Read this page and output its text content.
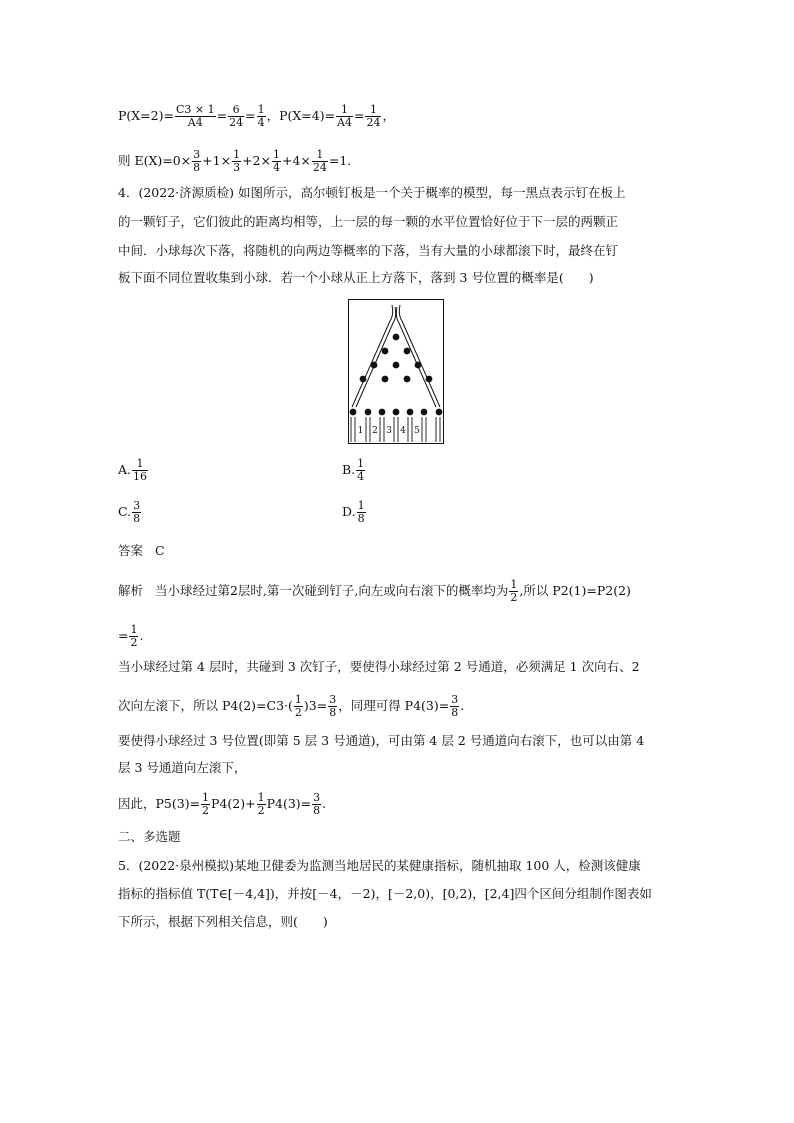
$P(X=2)= \frac{C3 \times 1}{A4} = \frac{6}{24} = \frac{1}{4}$ ，$P(X=4)= \frac{1}{A4} = \frac{1}{24}$ ，
则 $E(X)=0\times \frac{3}{8} +1\times \frac{1}{3} +2\times \frac{1}{4} +4\times \frac{1}{24} =1$.
4．(2022·济源质检) 如图所示，高尔顿钉板是一个关于概率的模型，每一黑点表示钉在板上
的一颗钉子，它们彼此的距离均相等，上一层的每一颗的水平位置恰好位于下一层的两颗正
中间．小球每次下落，将随机的向两边等概率的下落，当有大量的小球都滚下时，最终在钉
板下面不同位置收集到小球．若一个小球从正上方落下，落到 3 号位置的概率是(　　)
1 2 3 4 5
A. $\frac{1}{16}$	B. $\frac{1}{4}$
C. $\frac{3}{8}$	D. $\frac{1}{8}$
答案 C
解析 当小球经过第2层时,第一次碰到钉子,向左或向右滚下的概率均为 $\frac{1}{2}$ ,所以 P2(1)=P2(2)
= $\frac{1}{2}$ .
当小球经过第 4 层时，共碰到 3 次钉子，要使得小球经过第 2 号通道，必须满足 1 次向右、2
次向左滚下，所以 $P4(2)=C3\cdot( \frac{1}{2} )3= \frac{3}{8}$ ，同理可得 $P4(3)= \frac{3}{8}$ .
要使得小球经过 3 号位置(即第 5 层 3 号通道)，可由第 4 层 2 号通道向右滚下，也可以由第 4
层 3 号通道向左滚下，
因此，$P5(3)= \frac{1}{2} P4(2)+ \frac{1}{2} P4(3)= \frac{3}{8}$ .
二、多选题
5．(2022·泉州模拟)某地卫健委为监测当地居民的某健康指标，随机抽取 100 人，检测该健康
指标的指标值 T(T∈[－4,4])，并按[－4，－2)，[－2,0)，[0,2)，[2,4]四个区间分组制作图表如
下所示，根据下列相关信息，则(　　)
